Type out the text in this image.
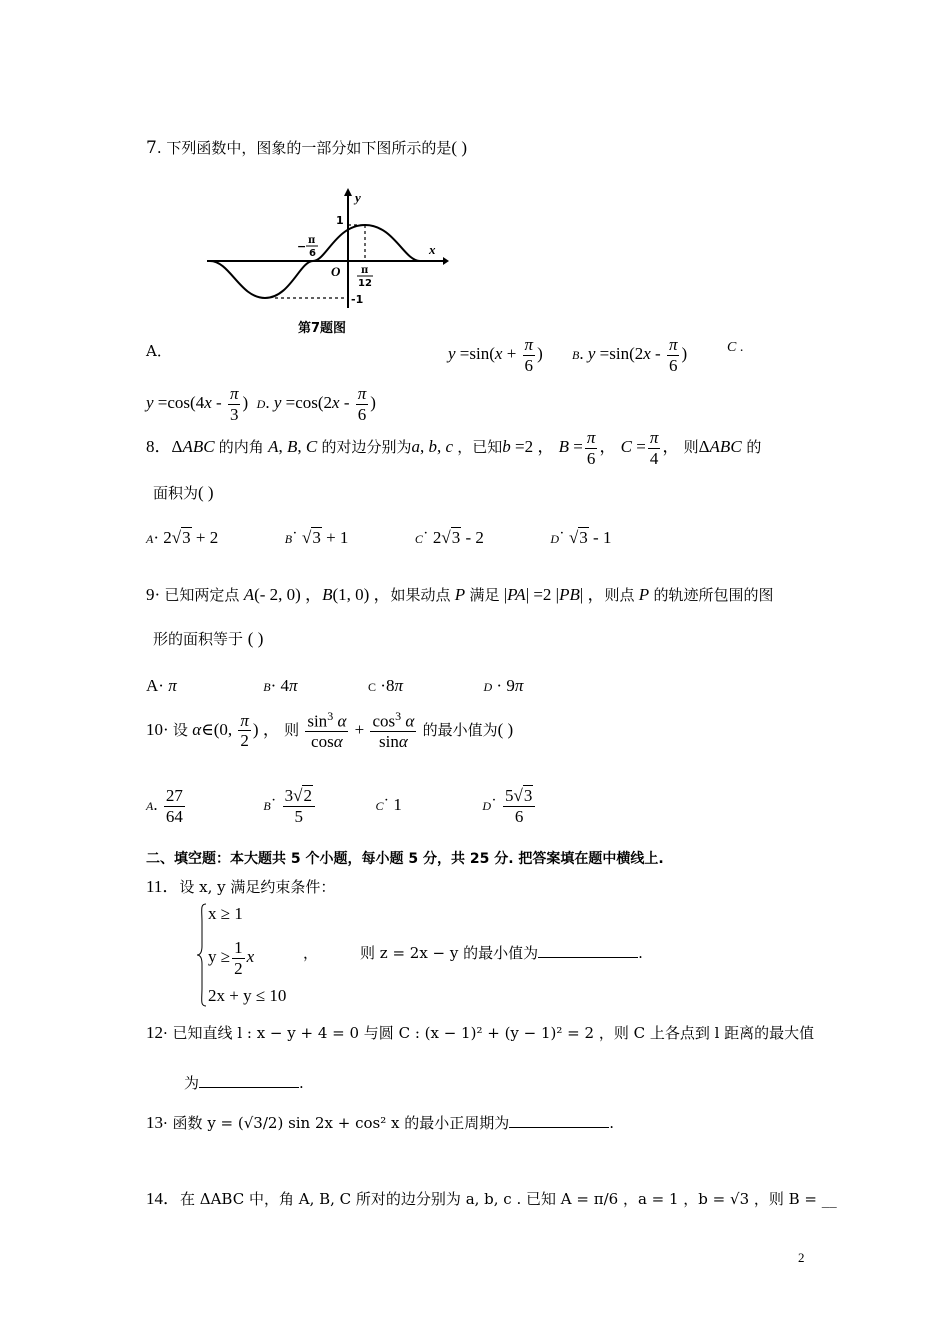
7. 下列函数中，图象的一部分如下图所示的是( )
y
x
1
O
-1
− π
6
π
12
第7题图
A．	$y =\sin(x + \frac{\pi}{6}$ ) B. $y =\sin(2x - \frac{\pi}{6}$ )	C .
$y =\cos(4x - \frac{\pi}{3}$ )  D. $y =\cos(2x - \frac{\pi}{6}$ )
8．ΔABC 的内角 A, B, C 的对边分别为a, b, c ，已知b =2 ， $B = \frac{\pi}{6}$ ， $C = \frac{\pi}{4}$ ， 则ΔABC 的
面积为( )
A· 2√3 + 2	B˙ √3 + 1	C˙ 2√3 - 2	D˙ √3 - 1
9· 已知两定点 A(- 2, 0) ，B(1, 0) ，如果动点 P 满足 |PA| =2 |PB| ，则点 P 的轨迹所包围的图
形的面积等于 ( )
A· π	B· 4π	C ·8π	D · 9π
10· 设 α∈(0, $\frac{\pi}{2}$ ) ， 则 $\frac{\sin^3 \alpha}{\cos\alpha} + \frac{\cos^3 \alpha}{\sin\alpha}$ 的最小值为( )
A. $\frac{27}{64}$	B˙ $\frac{3√2}{5}$	C˙ 1	D˙ $\frac{5√3}{6}$
二、填空题：本大题共 5 个小题，每小题 5 分，共 25 分. 把答案填在题中横线上.
11．设 x, y 满足约束条件：
x ≥ 1
$y \ge \frac{1}{2}$ x
2x + y ≤ 10
，	则 z = 2x − y 的最小值为	.
12· 已知直线 l : x − y + 4 = 0 与圆 C : (x − 1)² + (y − 1)² = 2 ，则 C 上各点到 l 距离的最大值
为	.
13· 函数 y = (√3/2) sin 2x + cos² x 的最小正周期为	.
14．在 ΔABC 中，角 A, B, C 所对的边分别为 a, b, c . 已知 A = π/6 ，a = 1 ，b = √3 ，则 B = __
2
